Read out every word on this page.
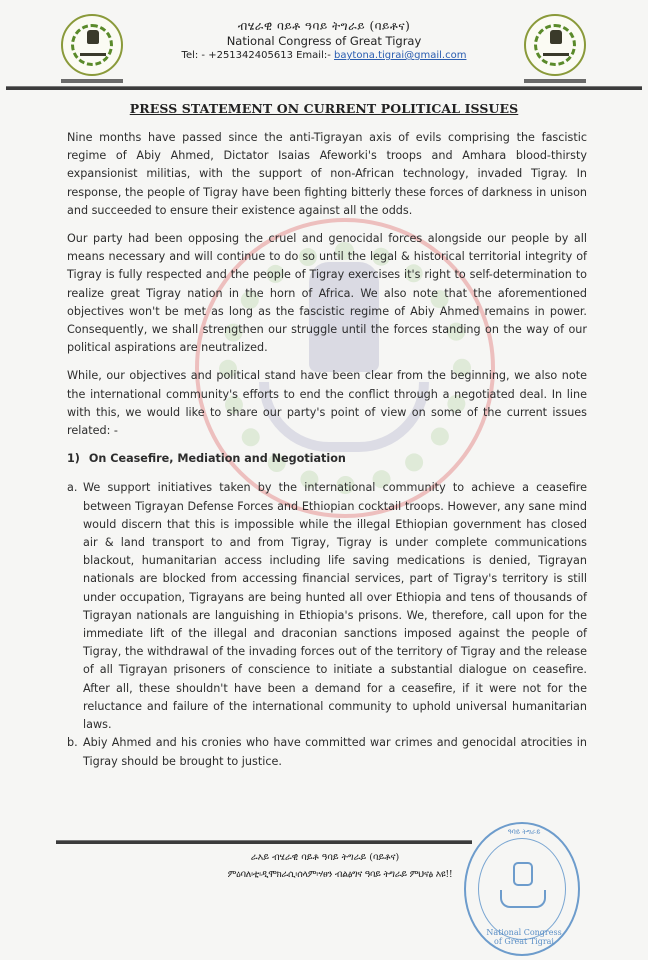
ብሄራዊ ባይቶ ዓባይ ትግራይ (ባይቶና)
National Congress of Great Tigray
Tel: - +251342405613 Email:- baytona.tigrai@gmail.com
PRESS STATEMENT ON CURRENT POLITICAL ISSUES

Nine months have passed since the anti-Tigrayan axis of evils comprising the fascistic regime of Abiy Ahmed, Dictator Isaias Afeworki's troops and Amhara blood-thirsty expansionist militias, with the support of non-African technology, invaded Tigray. In response, the people of Tigray have been fighting bitterly these forces of darkness in unison and succeeded to ensure their existence against all the odds.

Our party had been opposing the cruel and genocidal forces alongside our people by all means necessary and will continue to do so until the legal & historical territorial integrity of Tigray is fully respected and the people of Tigray exercises it's right to self-determination to realize great Tigray nation in the horn of Africa. We also note that the aforementioned objectives won't be met as long as the fascistic regime of Abiy Ahmed remains in power. Consequently, we shall strengthen our struggle until the forces standing on the way of our political aspirations are neutralized.

While, our objectives and political stand have been clear from the beginning, we also note the international community's efforts to end the conflict through a negotiated deal. In line with this, we would like to share our party's point of view on some of the current issues related: -

1) On Ceasefire, Mediation and Negotiation
a. We support initiatives taken by the international community to achieve a ceasefire between Tigrayan Defense Forces and Ethiopian cocktail troops. However, any sane mind would discern that this is impossible while the illegal Ethiopian government has closed air & land transport to and from Tigray, Tigray is under complete communications blackout, humanitarian access including life saving medications is denied, Tigrayan nationals are blocked from accessing financial services, part of Tigray's territory is still under occupation, Tigrayans are being hunted all over Ethiopia and tens of thousands of Tigrayan nationals are languishing in Ethiopia's prisons. We, therefore, call upon for the immediate lift of the illegal and draconian sanctions imposed against the people of Tigray, the withdrawal of the invading forces out of the territory of Tigray and the release of all Tigrayan prisoners of conscience to initiate a substantial dialogue on ceasefire. After all, these shouldn't have been a demand for a ceasefire, if it were not for the reluctance and failure of the international community to uphold universal humanitarian laws.
b. Abiy Ahmed and his cronies who have committed war crimes and genocidal atrocities in Tigray should be brought to justice.
ራእይ ብሄራዊ ባይቶ ዓባይ ትግራይ (ባይቶና)
ምዕባለ፡ቲ፡ዲሞክራሲ፡ሰላም፡ሃፀን ብልፅግና ዓባይ ትግራይ ምህናፅ እዩ!!
ዓባይ ትግራይ
National Congress of Great Tigrai
